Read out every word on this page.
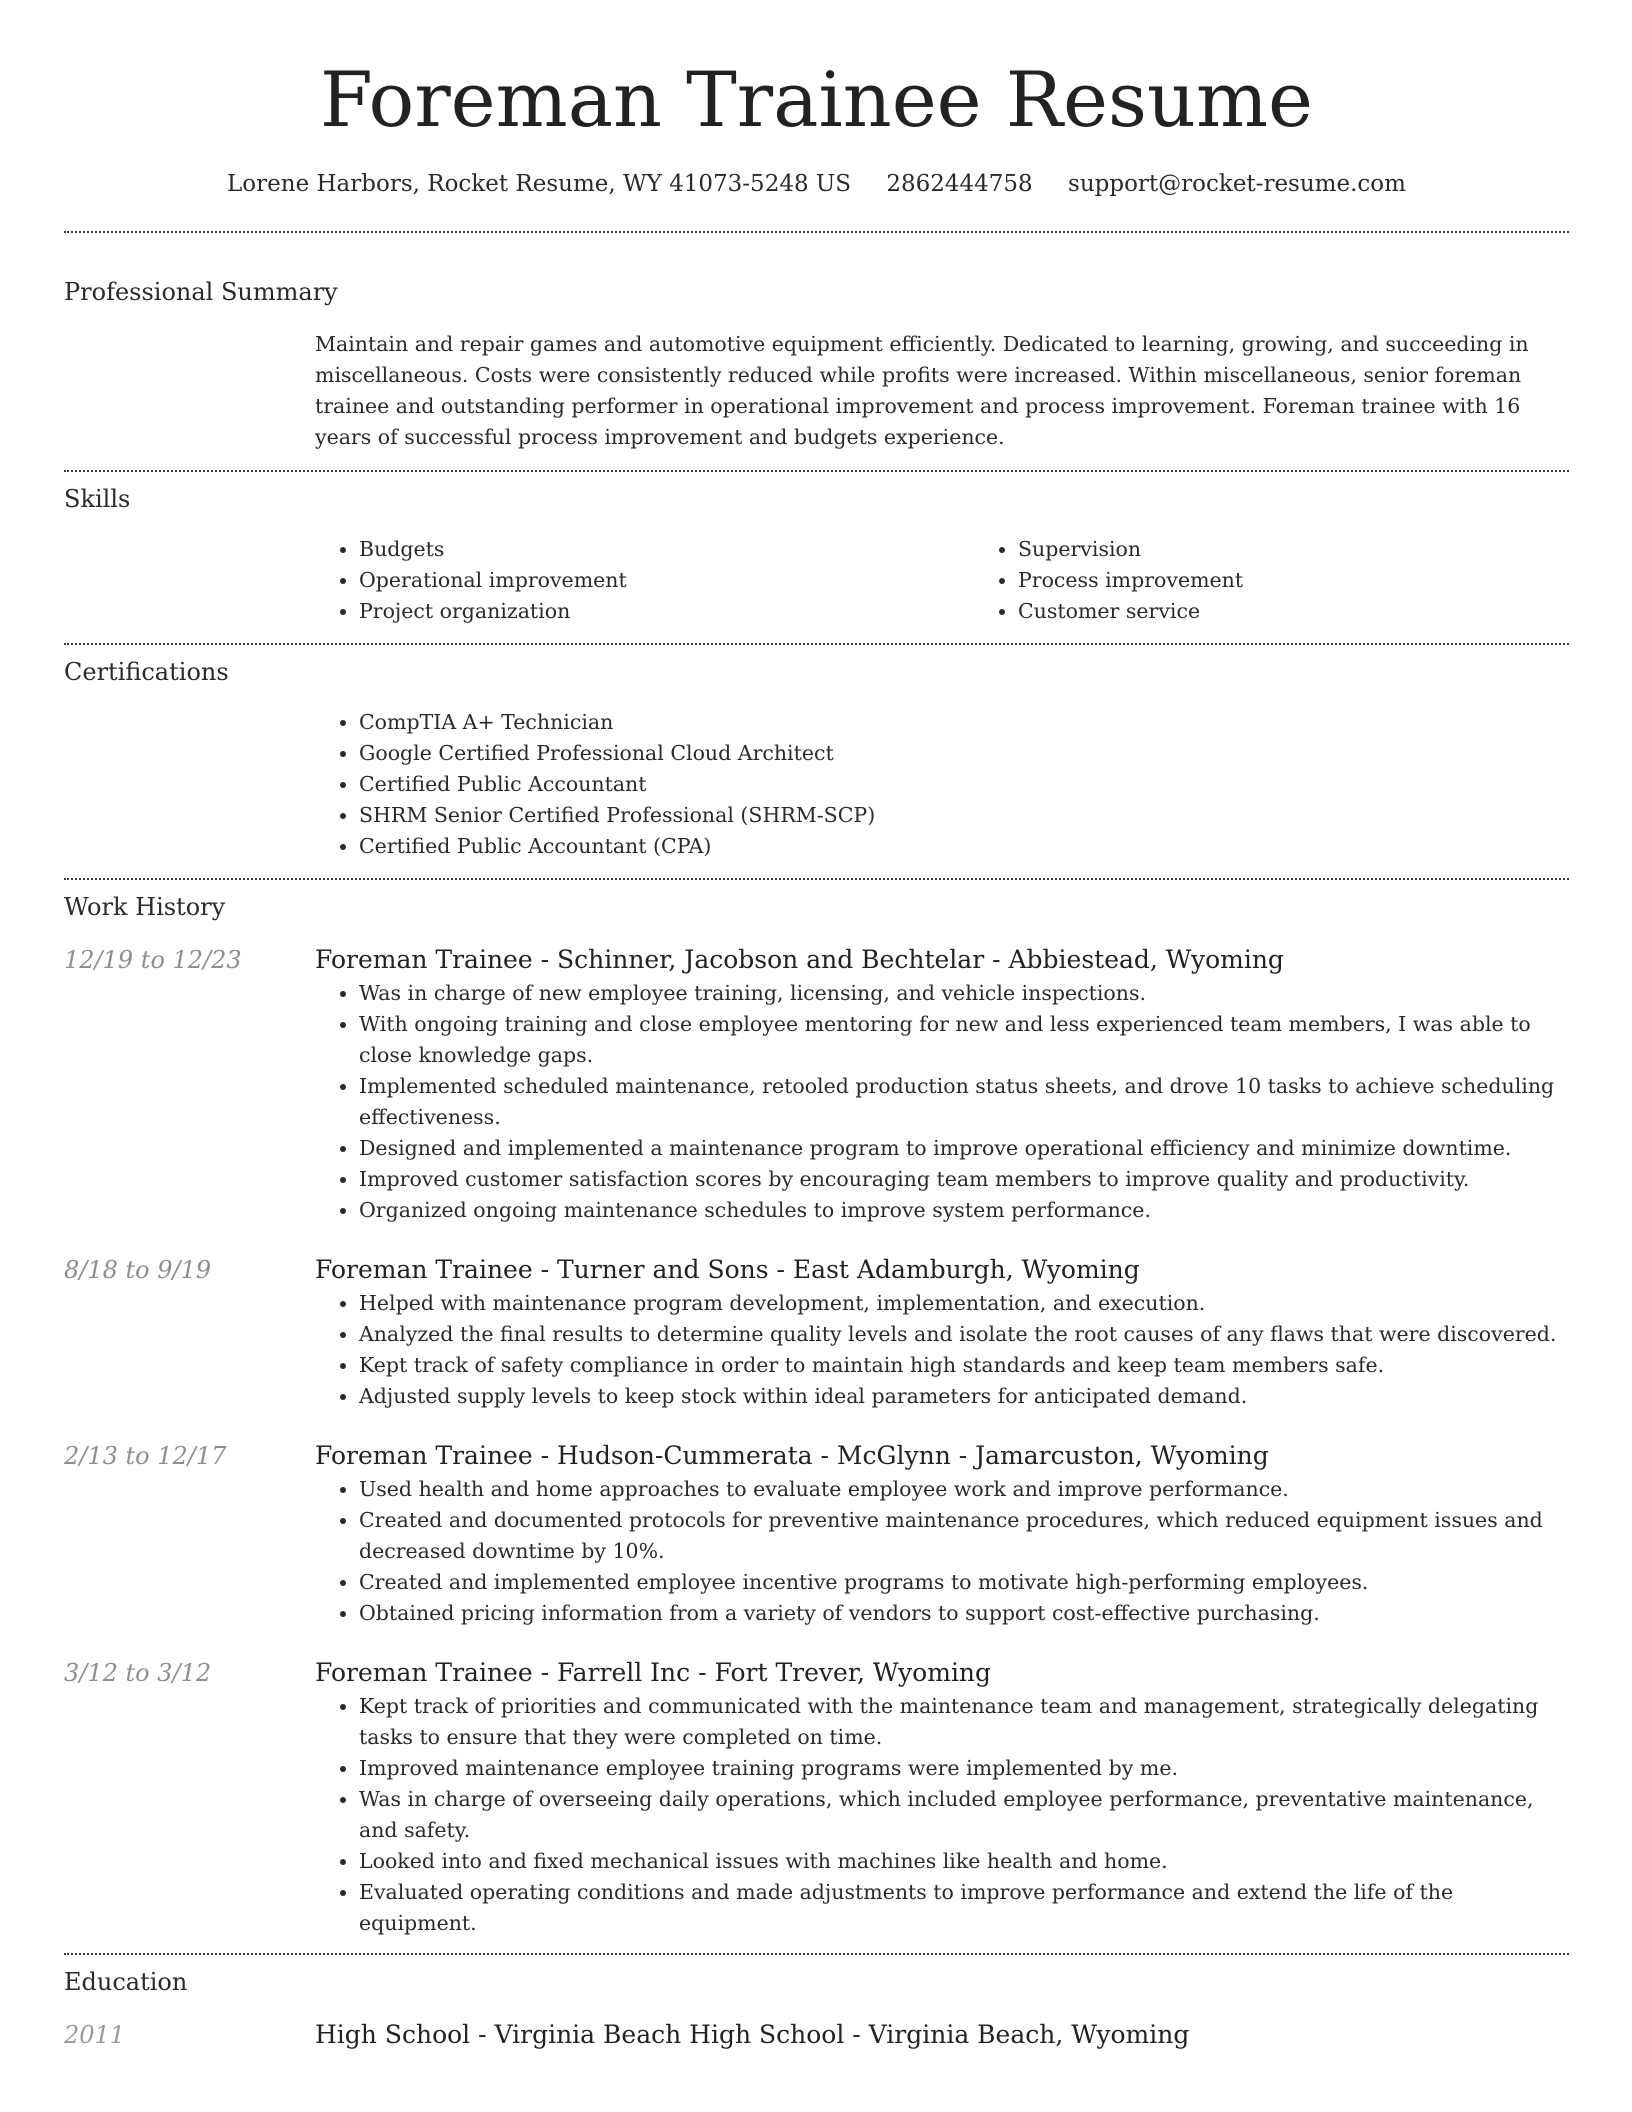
Foreman Trainee Resume
Lorene Harbors, Rocket Resume, WY 41073-5248 US 2862444758 support@rocket-resume.com
Professional Summary

Maintain and repair games and automotive equipment efficiently. Dedicated to learning, growing, and succeeding in miscellaneous. Costs were consistently reduced while profits were increased. Within miscellaneous, senior foreman trainee and outstanding performer in operational improvement and process improvement. Foreman trainee with 16 years of successful process improvement and budgets experience.

Skills
• Budgets
• Operational improvement
• Project organization
• Supervision
• Process improvement
• Customer service
Certifications
• CompTIA A+ Technician
• Google Certified Professional Cloud Architect
• Certified Public Accountant
• SHRM Senior Certified Professional (SHRM-SCP)
• Certified Public Accountant (CPA)
Work History
12/19 to 12/23	Foreman Trainee - Schinner, Jacobson and Bechtelar - Abbiestead, Wyoming
• Was in charge of new employee training, licensing, and vehicle inspections.
• With ongoing training and close employee mentoring for new and less experienced team members, I was able to close knowledge gaps.
• Implemented scheduled maintenance, retooled production status sheets, and drove 10 tasks to achieve scheduling effectiveness.
• Designed and implemented a maintenance program to improve operational efficiency and minimize downtime.
• Improved customer satisfaction scores by encouraging team members to improve quality and productivity.
• Organized ongoing maintenance schedules to improve system performance.
8/18 to 9/19	Foreman Trainee - Turner and Sons - East Adamburgh, Wyoming
• Helped with maintenance program development, implementation, and execution.
• Analyzed the final results to determine quality levels and isolate the root causes of any flaws that were discovered.
• Kept track of safety compliance in order to maintain high standards and keep team members safe.
• Adjusted supply levels to keep stock within ideal parameters for anticipated demand.
2/13 to 12/17	Foreman Trainee - Hudson-Cummerata - McGlynn - Jamarcuston, Wyoming
• Used health and home approaches to evaluate employee work and improve performance.
• Created and documented protocols for preventive maintenance procedures, which reduced equipment issues and decreased downtime by 10%.
• Created and implemented employee incentive programs to motivate high-performing employees.
• Obtained pricing information from a variety of vendors to support cost-effective purchasing.
3/12 to 3/12	Foreman Trainee - Farrell Inc - Fort Trever, Wyoming
• Kept track of priorities and communicated with the maintenance team and management, strategically delegating tasks to ensure that they were completed on time.
• Improved maintenance employee training programs were implemented by me.
• Was in charge of overseeing daily operations, which included employee performance, preventative maintenance, and safety.
• Looked into and fixed mechanical issues with machines like health and home.
• Evaluated operating conditions and made adjustments to improve performance and extend the life of the equipment.
Education
2011	High School - Virginia Beach High School - Virginia Beach, Wyoming
